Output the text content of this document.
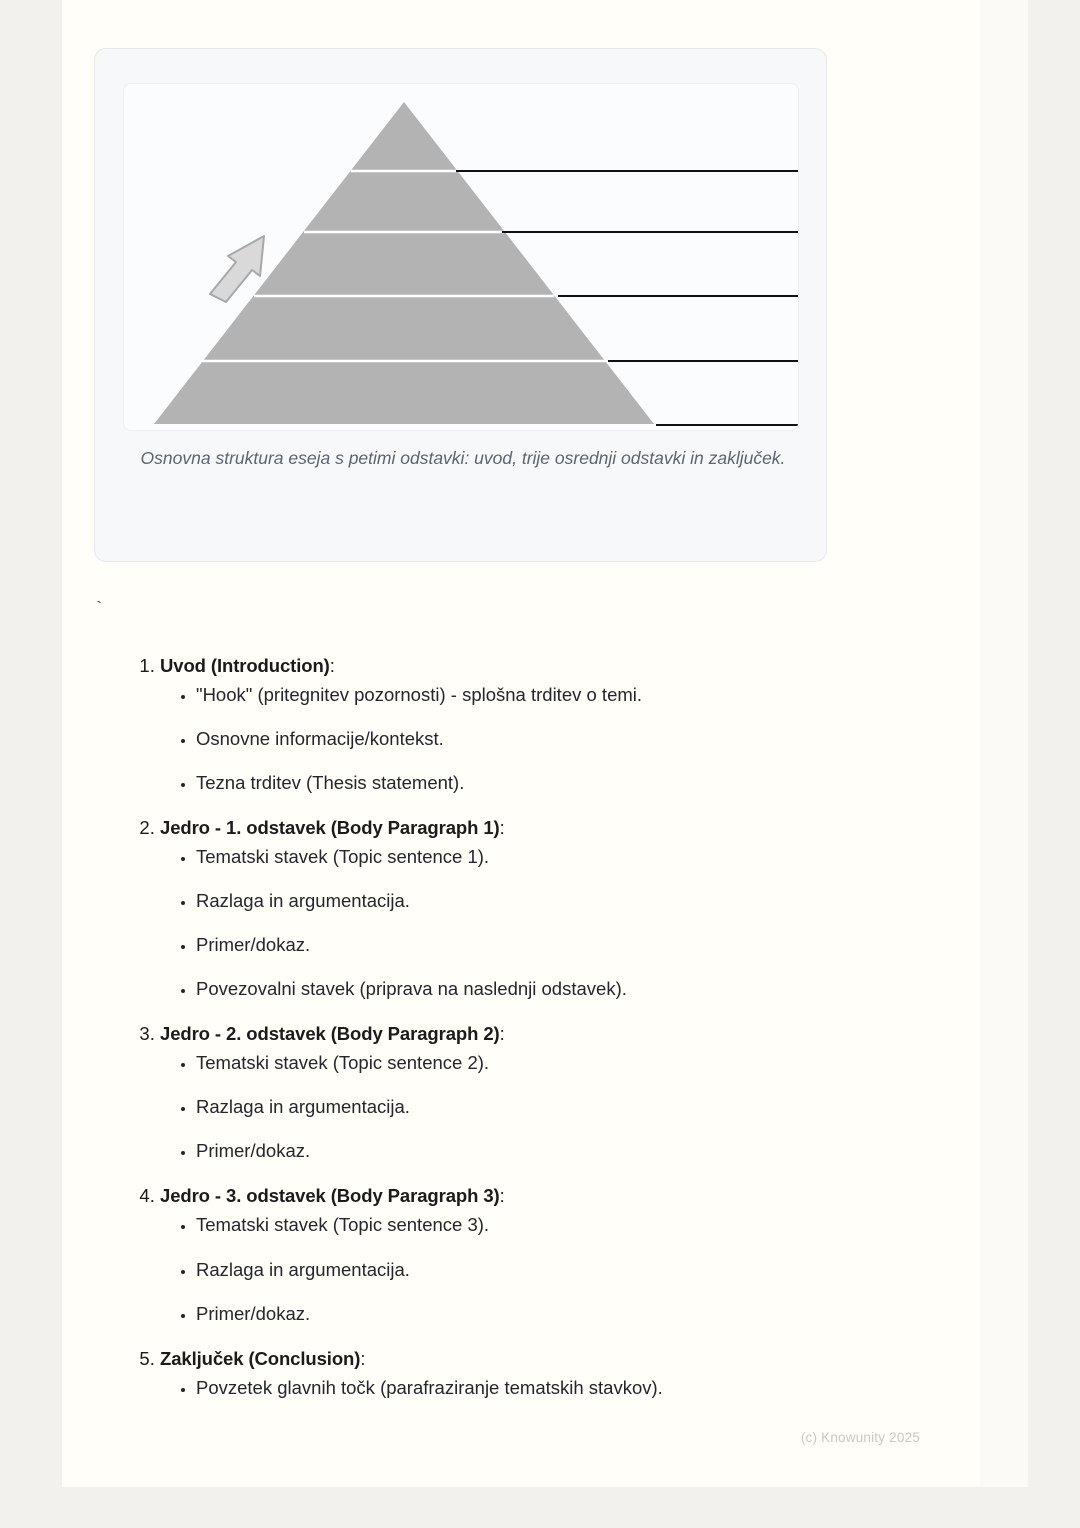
Osnovna struktura eseja s petimi odstavki: uvod, trije osrednji odstavki in zaključek.
`
1. Uvod (Introduction):
• "Hook" (pritegnitev pozornosti) - splošna trditev o temi.
• Osnovne informacije/kontekst.
• Tezna trditev (Thesis statement).
2. Jedro - 1. odstavek (Body Paragraph 1):
• Tematski stavek (Topic sentence 1).
• Razlaga in argumentacija.
• Primer/dokaz.
• Povezovalni stavek (priprava na naslednji odstavek).
3. Jedro - 2. odstavek (Body Paragraph 2):
• Tematski stavek (Topic sentence 2).
• Razlaga in argumentacija.
• Primer/dokaz.
4. Jedro - 3. odstavek (Body Paragraph 3):
• Tematski stavek (Topic sentence 3).
• Razlaga in argumentacija.
• Primer/dokaz.
5. Zaključek (Conclusion):
• Povzetek glavnih točk (parafraziranje tematskih stavkov).
(c) Knowunity 2025
